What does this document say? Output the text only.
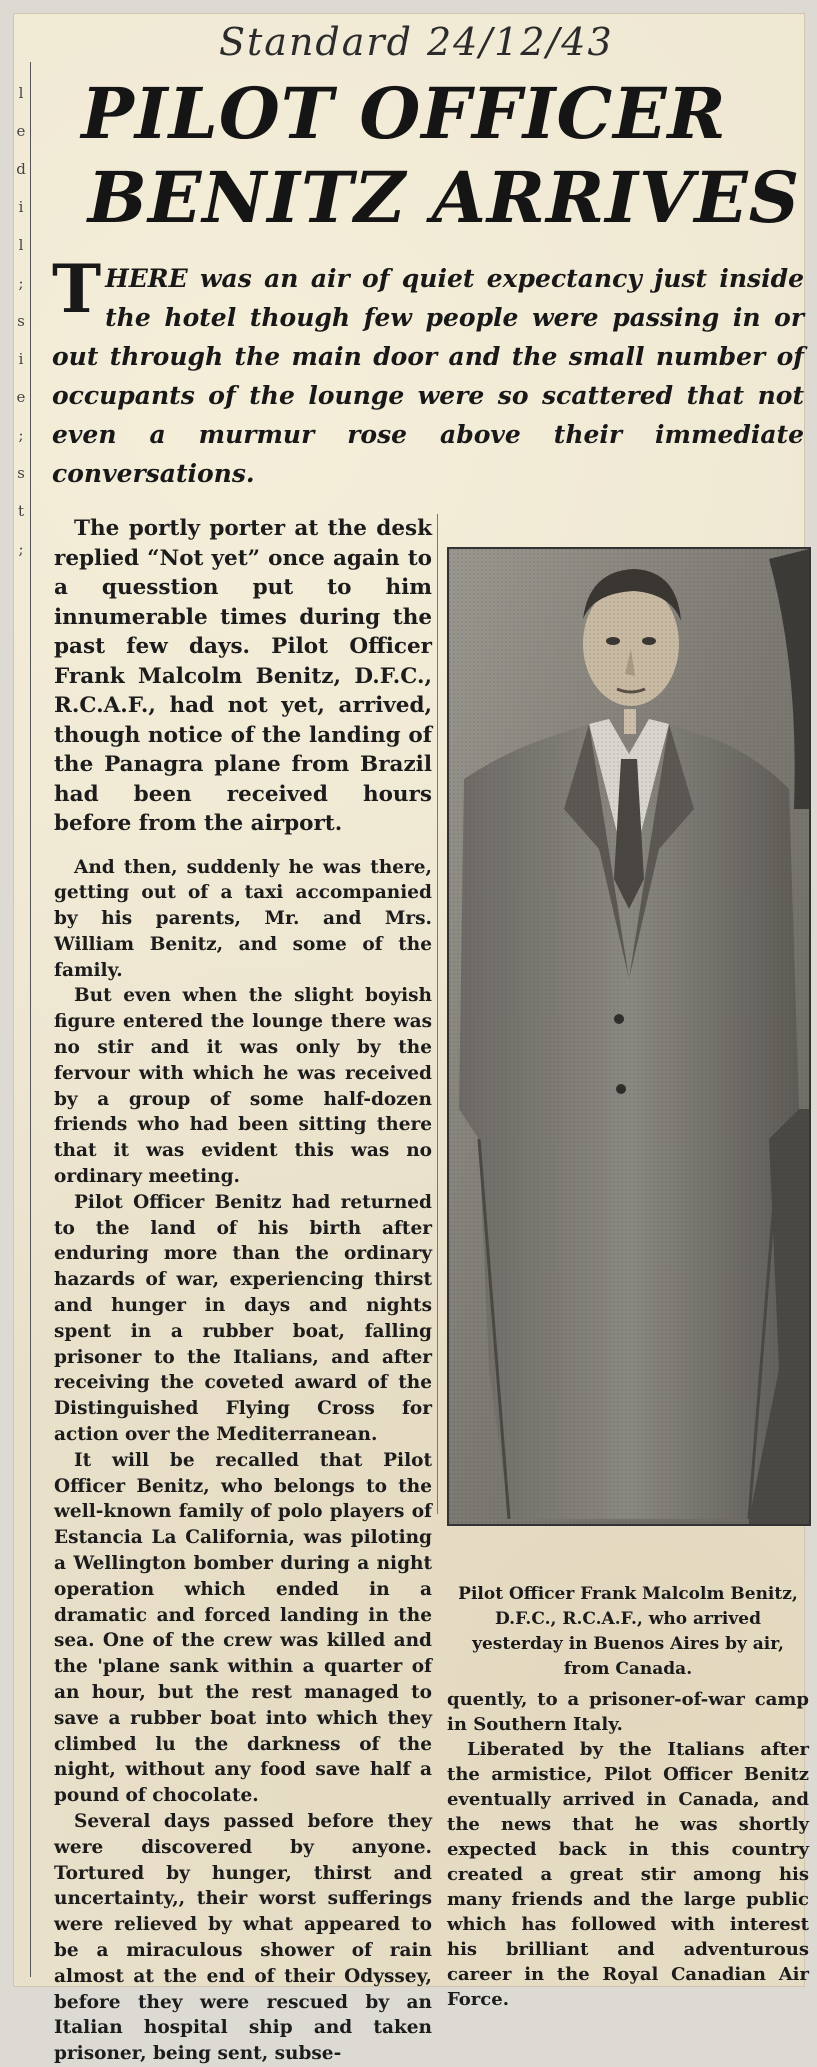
l e d i l ; s i e ; s t ;
Standard 24/12/43
PILOT OFFICER
BENITZ ARRIVES
THERE was an air of quiet expectancy just inside the hotel though few people were passing in or out through the main door and the small number of occupants of the lounge were so scattered that not even a murmur rose above their immediate conversations.

The portly porter at the desk replied “Not yet” once again to a quesstion put to him innumerable times during the past few days. Pilot Officer Frank Malcolm Benitz, D.F.C., R.C.A.F., had not yet, arrived, though notice of the landing of the Panagra plane from Brazil had been received hours before from the airport.

And then, suddenly he was there, getting out of a taxi accompanied by his parents, Mr. and Mrs. William Benitz, and some of the family.

But even when the slight boyish figure entered the lounge there was no stir and it was only by the fervour with which he was received by a group of some half-dozen friends who had been sitting there that it was evident this was no ordinary meeting.

Pilot Officer Benitz had returned to the land of his birth after enduring more than the ordinary hazards of war, experiencing thirst and hunger in days and nights spent in a rubber boat, falling prisoner to the Italians, and after receiving the coveted award of the Distinguished Flying Cross for action over the Mediterranean.

It will be recalled that Pilot Officer Benitz, who belongs to the well-known family of polo players of Estancia La California, was piloting a Wellington bomber during a night operation which ended in a dramatic and forced landing in the sea. One of the crew was killed and the 'plane sank within a quarter of an hour, but the rest managed to save a rubber boat into which they climbed lu the darkness of the night, without any food save half a pound of chocolate.

Several days passed before they were discovered by anyone. Tortured by hunger, thirst and uncertainty,, their worst sufferings were relieved by what appeared to be a miraculous shower of rain almost at the end of their Odyssey, before they were rescued by an Italian hospital ship and taken prisoner, being sent, subse-

Pilot Officer Frank Malcolm Benitz, D.F.C., R.C.A.F., who arrived yesterday in Buenos Aires by air, from Canada.

quently, to a prisoner-of-war camp in Southern Italy.

Liberated by the Italians after the armistice, Pilot Officer Benitz eventually arrived in Canada, and the news that he was shortly expected back in this country created a great stir among his many friends and the large public which has followed with interest his brilliant and adventurous career in the Royal Canadian Air Force.
